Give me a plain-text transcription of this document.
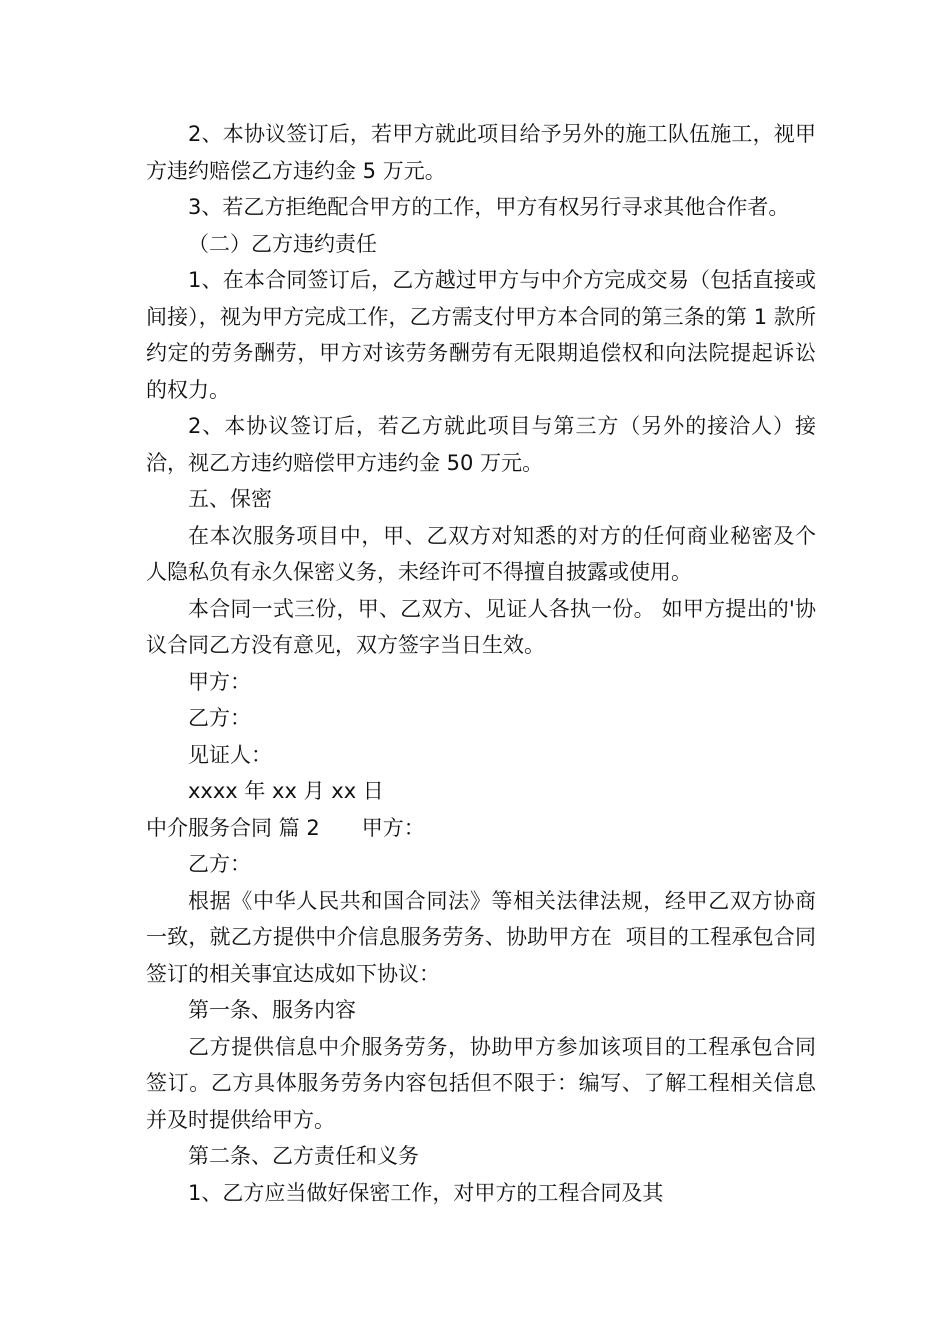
2、本协议签订后，若甲方就此项目给予另外的施工队伍施工，视甲方违约赔偿乙方违约金 5 万元。

3、若乙方拒绝配合甲方的工作，甲方有权另行寻求其他合作者。

（二）乙方违约责任

1、在本合同签订后，乙方越过甲方与中介方完成交易（包括直接或间接），视为甲方完成工作，乙方需支付甲方本合同的第三条的第 1 款所约定的劳务酬劳，甲方对该劳务酬劳有无限期追偿权和向法院提起诉讼的权力。

2、本协议签订后，若乙方就此项目与第三方（另外的接洽人）接洽，视乙方违约赔偿甲方违约金 50 万元。

五、保密

在本次服务项目中，甲、乙双方对知悉的对方的任何商业秘密及个人隐私负有永久保密义务，未经许可不得擅自披露或使用。

本合同一式三份，甲、乙双方、见证人各执一份。 如甲方提出的'协议合同乙方没有意见，双方签字当日生效。

甲方：

乙方：

见证人：

xxxx 年 xx 月 xx 日

中介服务合同 篇 2　　甲方：

乙方：

根据《中华人民共和国合同法》等相关法律法规，经甲乙双方协商一致，就乙方提供中介信息服务劳务、协助甲方在  项目的工程承包合同签订的相关事宜达成如下协议：

第一条、服务内容

乙方提供信息中介服务劳务，协助甲方参加该项目的工程承包合同签订。乙方具体服务劳务内容包括但不限于：编写、了解工程相关信息并及时提供给甲方。

第二条、乙方责任和义务

1、乙方应当做好保密工作，对甲方的工程合同及其
